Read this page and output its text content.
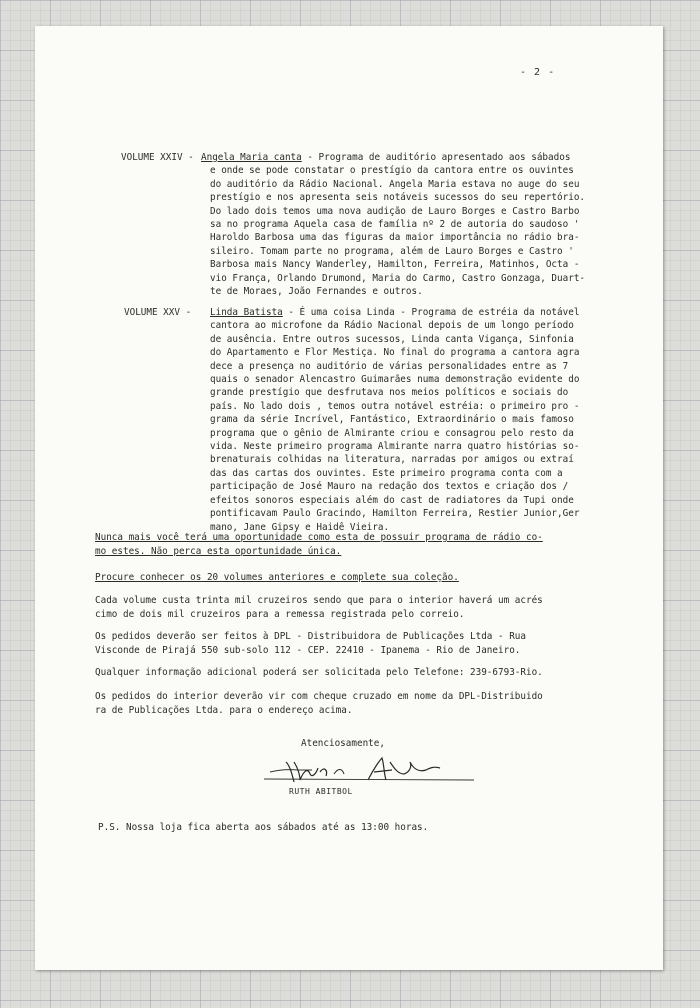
- 2 -
VOLUME XXIV - Angela Maria canta - Programa de auditório apresentado aos sábados
e onde se pode constatar o prestígio da cantora entre os ouvintes
do auditório da Rádio Nacional. Angela Maria estava no auge do seu
prestígio e nos apresenta seis notáveis sucessos do seu repertório.
Do lado dois temos uma nova audição de Lauro Borges e Castro Barbo
sa no programa Aquela casa de família nº 2 de autoria do saudoso '
Haroldo Barbosa uma das figuras da maior importância no rádio bra-
sileiro. Tomam parte no programa, além de Lauro Borges e Castro '
Barbosa mais Nancy Wanderley, Hamilton, Ferreira, Matinhos, Octa -
vio França, Orlando Drumond, Maria do Carmo, Castro Gonzaga, Duart-
te de Moraes, João Fernandes e outros.
VOLUME XXV -	Linda Batista - É uma coisa Linda - Programa de estréia da notável
cantora ao microfone da Rádio Nacional depois de um longo período
de ausência. Entre outros sucessos, Linda canta Vigança, Sinfonia
do Apartamento e Flor Mestiça. No final do programa a cantora agra
dece a presença no auditório de várias personalidades entre as 7
quais o senador Alencastro Guimarães numa demonstração evidente do
grande prestígio que desfrutava nos meios políticos e sociais do
país. No lado dois , temos outra notável estréia: o primeiro pro -
grama da série Incrível, Fantástico, Extraordinário o mais famoso
programa que o gênio de Almirante criou e consagrou pelo resto da
vida. Neste primeiro programa Almirante narra quatro histórias so-
brenaturais colhidas na literatura, narradas por amigos ou extraí
das das cartas dos ouvintes. Este primeiro programa conta com a
participação de José Mauro na redação dos textos e criação dos /
efeitos sonoros especiais além do cast de radiatores da Tupi onde
pontificavam Paulo Gracindo, Hamilton Ferreira, Restier Junior,Ger
mano, Jane Gipsy e Haidê Vieira.
Nunca mais você terá uma oportunidade como esta de possuir programa de rádio co-
mo estes. Não perca esta oportunidade única.
Procure conhecer os 20 volumes anteriores e complete sua coleção.
Cada volume custa trinta mil cruzeiros sendo que para o interior haverá um acrés
cimo de dois mil cruzeiros para a remessa registrada pelo correio.
Os pedidos deverão ser feitos à DPL - Distribuidora de Publicações Ltda - Rua
Visconde de Pirajá 550 sub-solo 112 - CEP. 22410 - Ipanema - Rio de Janeiro.
Qualquer informação adicional poderá ser solicitada pelo Telefone: 239-6793-Rio.
Os pedidos do interior deverão vir com cheque cruzado em nome da DPL-Distribuido
ra de Publicações Ltda. para o endereço acima.
Atenciosamente,
RUTH ABITBOL
P.S. Nossa loja fica aberta aos sábados até as 13:00 horas.
